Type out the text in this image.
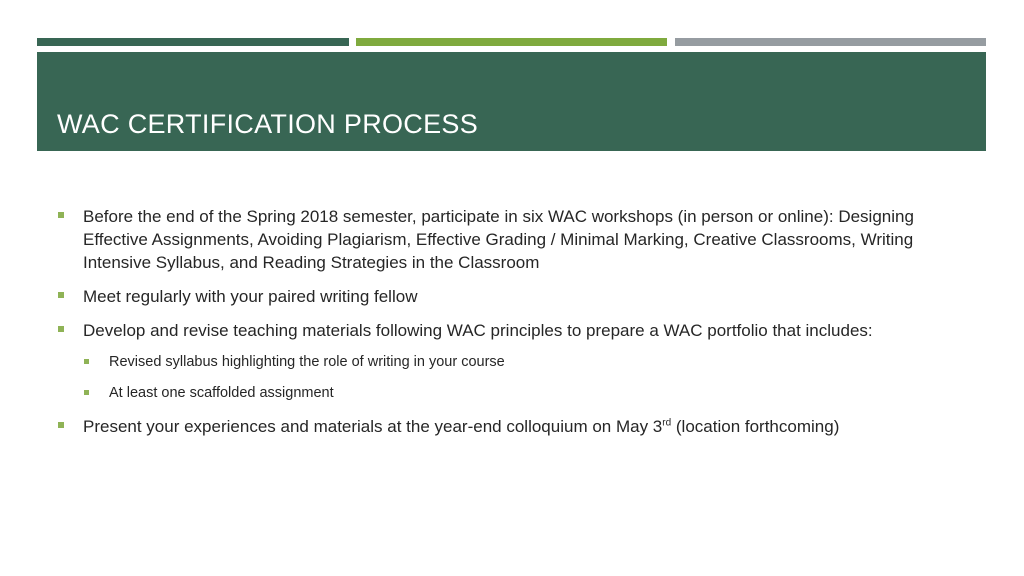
WAC CERTIFICATION PROCESS
Before the end of the Spring 2018 semester, participate in six WAC workshops (in person or online): Designing Effective Assignments, Avoiding Plagiarism, Effective Grading / Minimal Marking, Creative Classrooms, Writing Intensive Syllabus, and Reading Strategies in the Classroom
Meet regularly with your paired writing fellow
Develop and revise teaching materials following WAC principles to prepare a WAC portfolio that includes:
Revised syllabus highlighting the role of writing in your course
At least one scaffolded assignment
Present your experiences and materials at the year-end colloquium on May 3rd (location forthcoming)
